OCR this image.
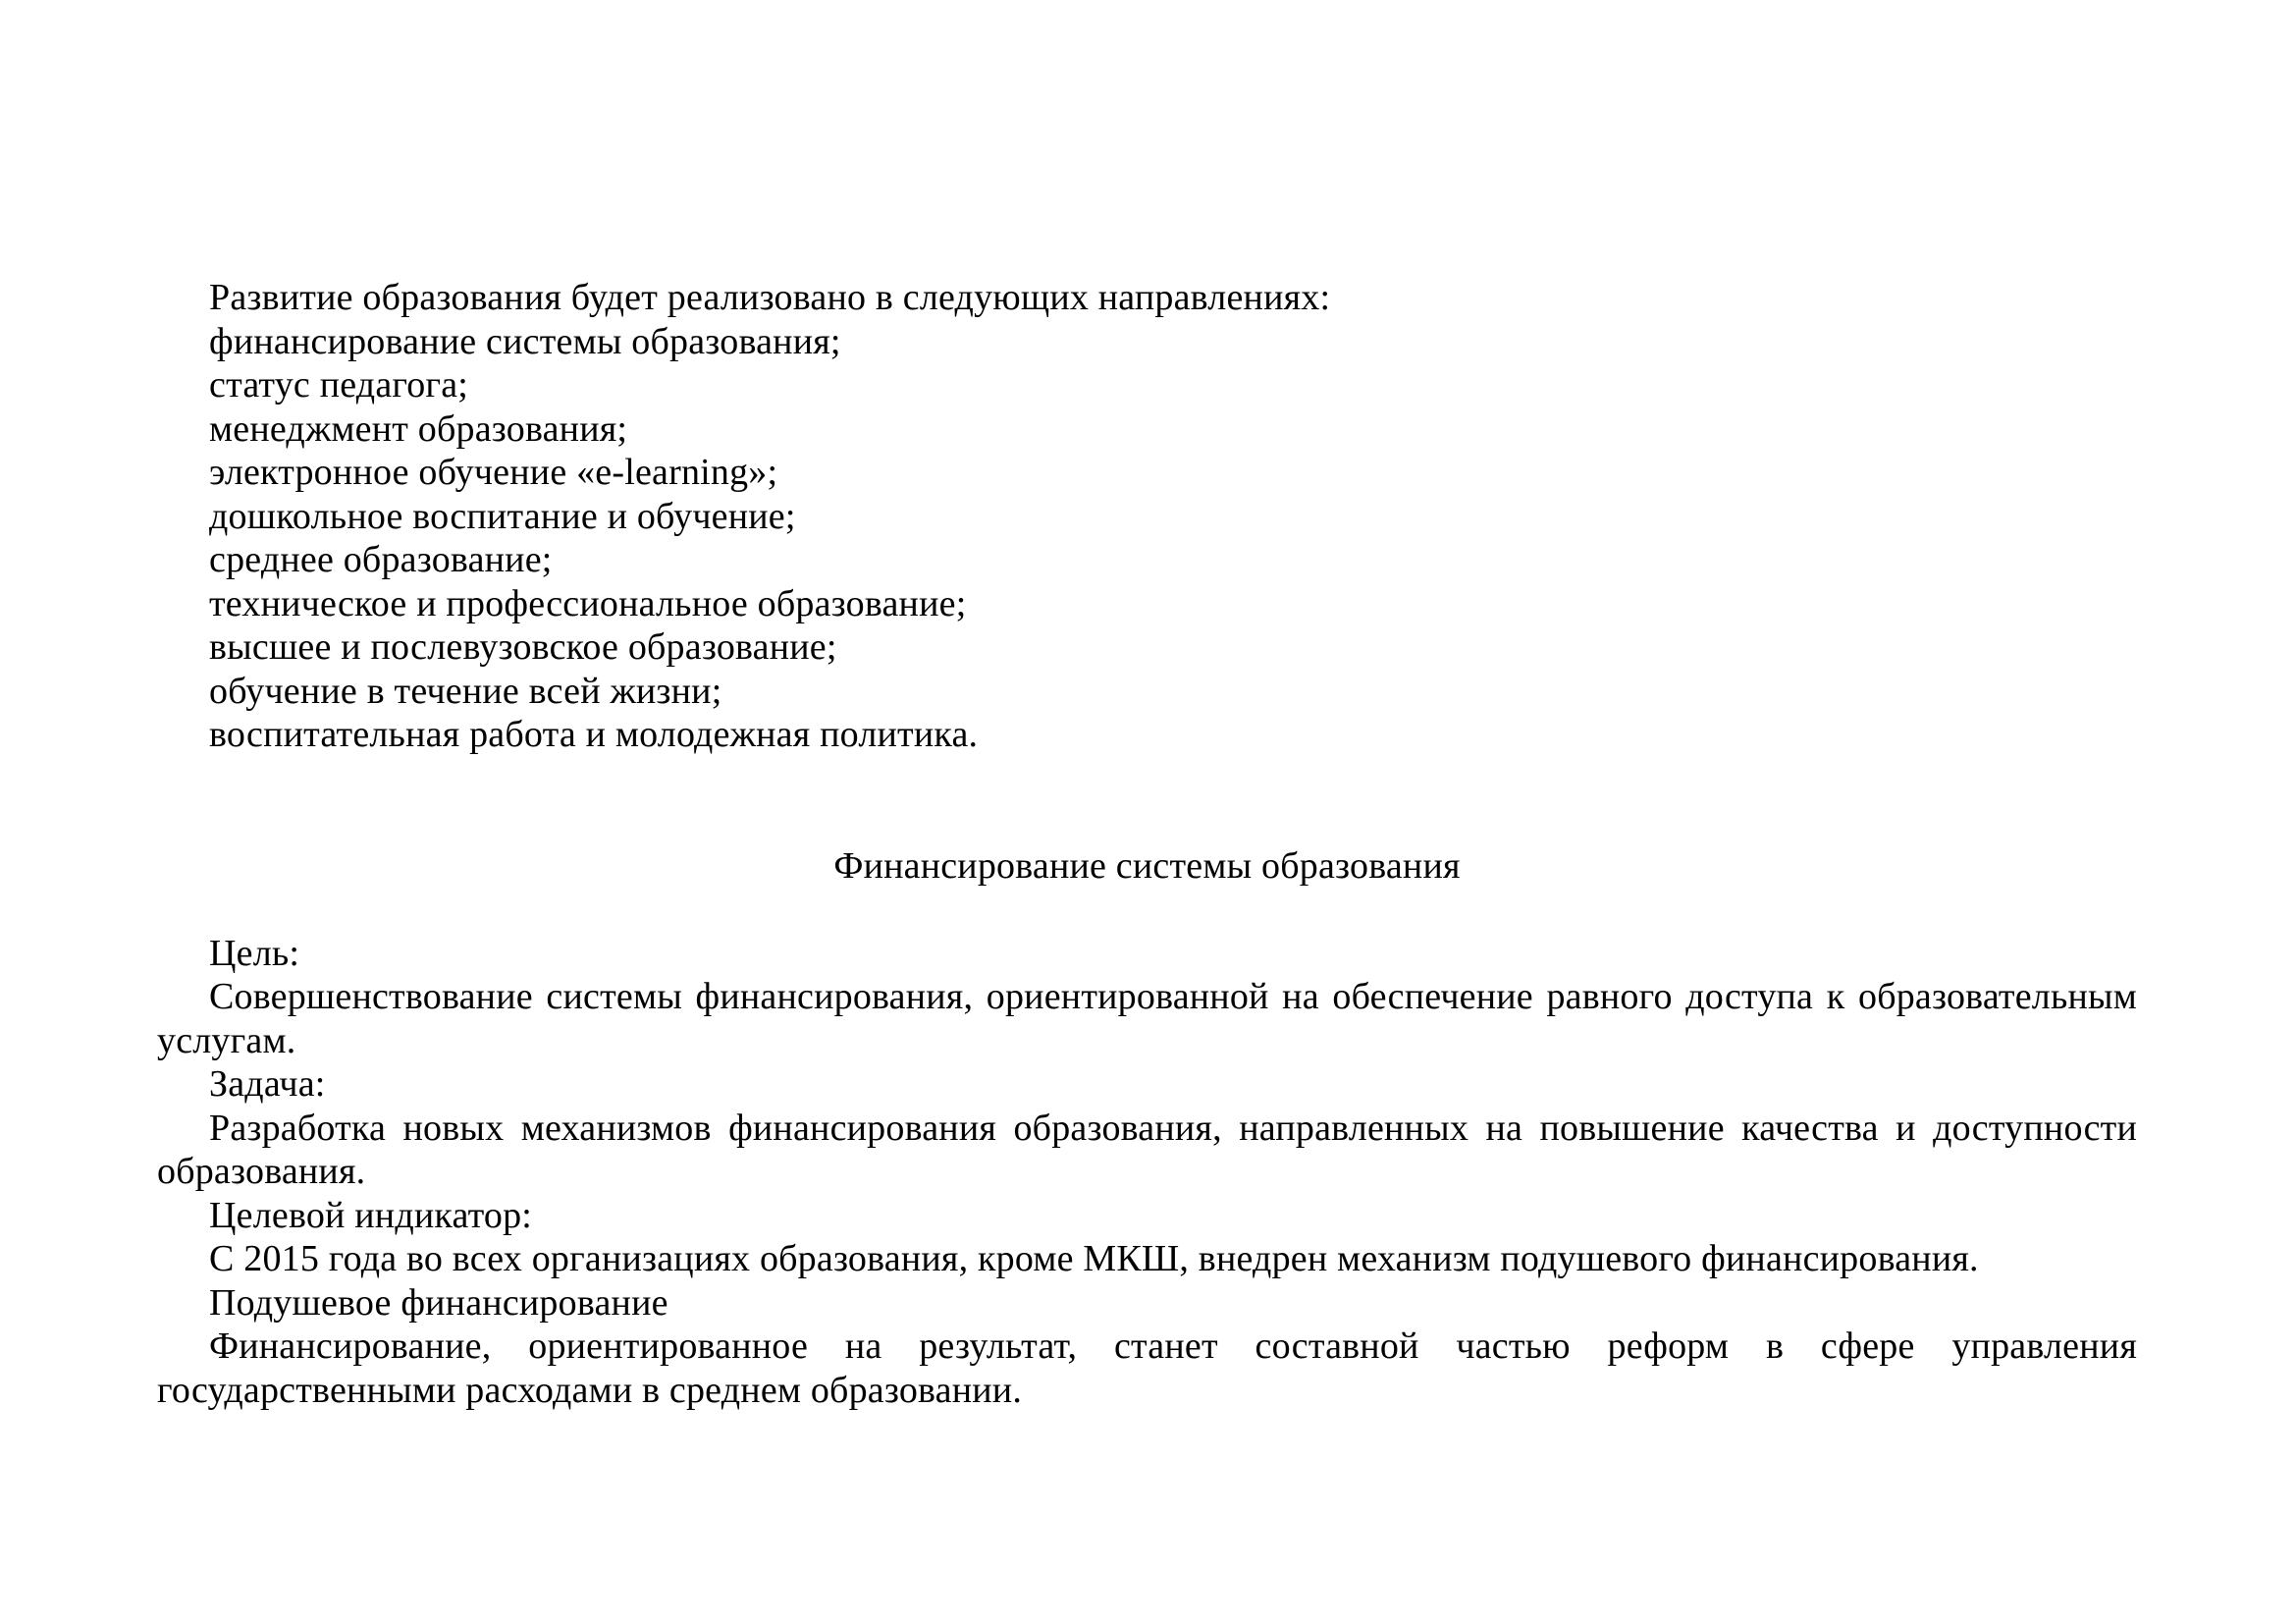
Развитие образования будет реализовано в следующих направлениях:
финансирование системы образования;
статус педагога;
менеджмент образования;
электронное обучение «e-learning»;
дошкольное воспитание и обучение;
среднее образование;
техническое и профессиональное образование;
высшее и послевузовское образование;
обучение в течение всей жизни;
воспитательная работа и молодежная политика.
Финансирование системы образования
Цель:
Совершенствование системы финансирования, ориентированной на обеспечение равного доступа к образовательным
услугам.
Задача:
Разработка новых механизмов финансирования образования, направленных на повышение качества и доступности
образования.
Целевой индикатор:
С 2015 года во всех организациях образования, кроме МКШ, внедрен механизм подушевого финансирования.
Подушевое финансирование
Финансирование, ориентированное на результат, станет составной частью реформ в сфере управления
государственными расходами в среднем образовании.
